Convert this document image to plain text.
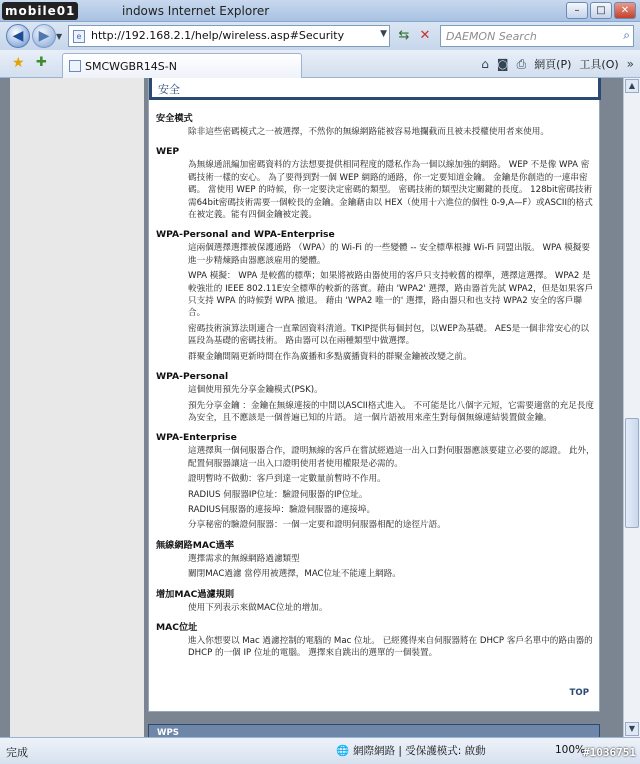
mobile01	indows Internet Explorer	–	□	✕
◀	▶ ▼	e http://192.168.2.1/help/wireless.asp#Security	▼ ⇆ ✕	DAEMON Search	⌕
★ ✚	SMCWGBR14S-N	⌂ ◙ ⎙ 網頁(P) 工具(O) »
安全
安全模式
除非這些密碼模式之一被選擇，不然你的無線網路能被容易地攔截而且被未授權使用者來使用。
WEP
為無線通訊編加密碼資料的方法想要提供相同程度的隱私作為一個以線加強的網路。 WEP 不是像 WPA 密碼技術一樣的安心。 為了要得到對一個 WEP 網路的通路，你一定要知道金鑰。 金鑰是你創造的一連串密碼。 當使用 WEP 的時候，你一定要決定密碼的類型。 密碼技術的類型決定關鍵的長度。 128bit密碼技術需64bit密碼技術需要一個較長的金鑰。金鑰藉由以 HEX（使用十六進位的個性 0-9,A—F）或ASCII的格式在被定義。能有四個金鑰被定義。
WPA-Personal and WPA-Enterprise
這兩個選擇選擇被保護通路 （WPA）的 Wi-Fi 的一些變體 -- 安全標準根據 Wi-Fi 同盟出版。 WPA 模擬要進一步精煉路由器應該雇用的變體。
WPA 模擬： WPA 是較舊的標準；如果將被路由器使用的客戶只支持較舊的標準，選擇這選擇。 WPA2 是較強壯的 IEEE 802.11E安全標準的較新的落實。藉由 'WPA2' 選擇，路由器首先試 WPA2，但是如果客戶只支持 WPA 的時候對 WPA 撤退。 藉由 'WPA2 唯一的' 選擇，路由器只和也支持 WPA2 安全的客戶聯合。
密碼技術演算法則適合一直鞏固資料清道。TKIP提供每個封包，以WEP為基礎。 AES是一個非常安心的以區段為基礎的密碼技術。 路由器可以在兩種類型中做選擇。
群聚金鑰間隔更新時間在作為廣播和多點廣播資料的群聚金鑰被改變之前。
WPA-Personal
這個使用預先分享金鑰模式(PSK)。
預先分享金鑰 ：金鑰在無線連接的中間以ASCII格式進入。 不可能是比八個字元短，它需要適當的充足長度為安全，且不應該是一個普遍已知的片語。 這一個片語被用來產生對每個無線連結裝置做金鑰。
WPA-Enterprise
這選擇與一個伺服器合作，證明無線的客戶在嘗試經過這一出入口對伺服器應該要建立必要的認證。 此外，配置伺服器讓這一出入口證明使用者使用權限是必需的。
證明暫時不做動：客戶到達一定數量前暫時不作用。
RADIUS 伺服器IP位址：驗證伺服器的IP位址。
RADIUS伺服器的連接埠：驗證伺服器的連接埠。
分享秘密的驗證伺服器：一個一定要和證明伺服器相配的途徑片語。
無線網路MAC過率
選擇需求的無線網路過濾類型
關閉MAC過濾 當停用被選擇，MAC位址不能連上網路。
增加MAC過濾規則
使用下列表示來做MAC位址的增加。
MAC位址
進入你想要以 Mac 過濾控制的電腦的 Mac 位址。 已經獲得來自伺服器將在 DHCP 客戶名單中的路由器的 DHCP 的一個 IP 位址的電腦。 選擇來自跳出的選單的一個裝置。
TOP
WPS
▲
▼
完成	🌐 網際網路 | 受保護模式: 啟動	100%
#1036751
